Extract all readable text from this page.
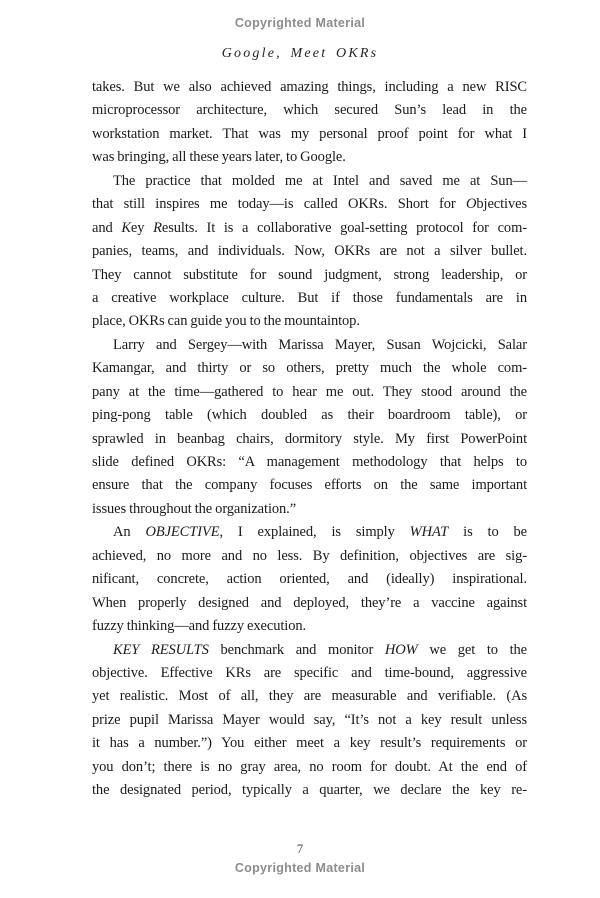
Copyrighted Material
Google, Meet OKRs
takes. But we also achieved amazing things, including a new RISC
microprocessor architecture, which secured Sun’s lead in the
workstation market. That was my personal proof point for what I
was bringing, all these years later, to Google.
The practice that molded me at Intel and saved me at Sun—
that still inspires me today—is called OKRs. Short for Objectives
and Key Results. It is a collaborative goal-setting protocol for com-
panies, teams, and individuals. Now, OKRs are not a silver bullet.
They cannot substitute for sound judgment, strong leadership, or
a creative workplace culture. But if those fundamentals are in
place, OKRs can guide you to the mountaintop.
Larry and Sergey—with Marissa Mayer, Susan Wojcicki, Salar
Kamangar, and thirty or so others, pretty much the whole com-
pany at the time—gathered to hear me out. They stood around the
ping-pong table (which doubled as their boardroom table), or
sprawled in beanbag chairs, dormitory style. My first PowerPoint
slide defined OKRs: “A management methodology that helps to
ensure that the company focuses efforts on the same important
issues throughout the organization.”
An OBJECTIVE, I explained, is simply WHAT is to be
achieved, no more and no less. By definition, objectives are sig-
nificant, concrete, action oriented, and (ideally) inspirational.
When properly designed and deployed, they’re a vaccine against
fuzzy thinking—and fuzzy execution.
KEY RESULTS benchmark and monitor HOW we get to the
objective. Effective KRs are specific and time-bound, aggressive
yet realistic. Most of all, they are measurable and verifiable. (As
prize pupil Marissa Mayer would say, “It’s not a key result unless
it has a number.”) You either meet a key result’s requirements or
you don’t; there is no gray area, no room for doubt. At the end of
the designated period, typically a quarter, we declare the key re-
7
Copyrighted Material
